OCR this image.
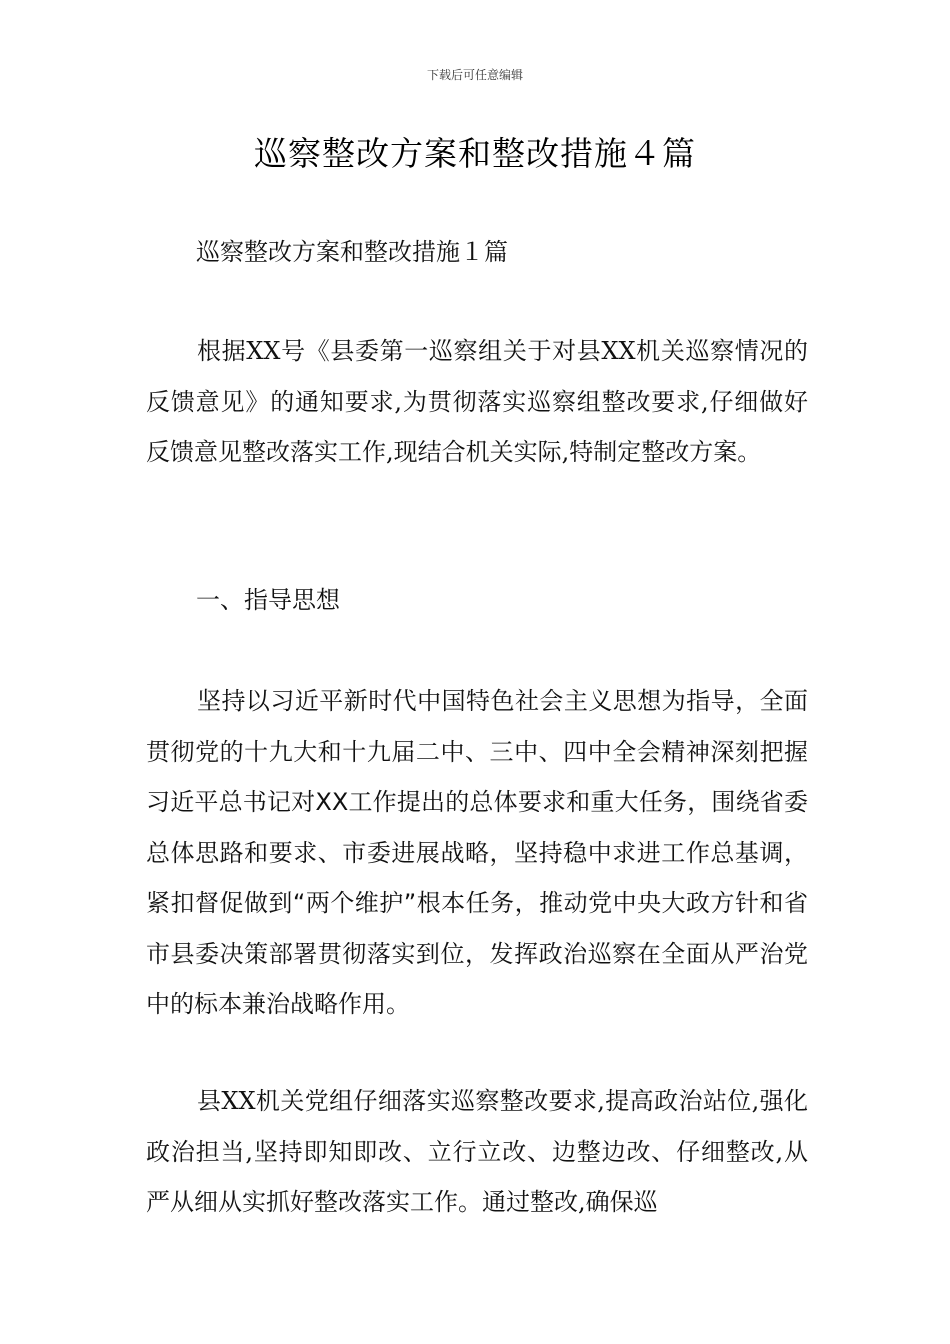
下载后可任意编辑
巡察整改方案和整改措施４篇
巡察整改方案和整改措施１篇

根据XX号《县委第一巡察组关于对县XX机关巡察情况的反馈意见》的通知要求,为贯彻落实巡察组整改要求,仔细做好反馈意见整改落实工作,现结合机关实际,特制定整改方案。

一、指导思想

坚持以习近平新时代中国特色社会主义思想为指导，全面贯彻党的十九大和十九届二中、三中、四中全会精神深刻把握习近平总书记对XX工作提出的总体要求和重大任务，围绕省委总体思路和要求、市委进展战略，坚持稳中求进工作总基调，紧扣督促做到“两个维护”根本任务，推动党中央大政方针和省市县委决策部署贯彻落实到位，发挥政治巡察在全面从严治党中的标本兼治战略作用。

县XX机关党组仔细落实巡察整改要求,提高政治站位,强化政治担当,坚持即知即改、立行立改、边整边改、仔细整改,从严从细从实抓好整改落实工作。通过整改,确保巡
